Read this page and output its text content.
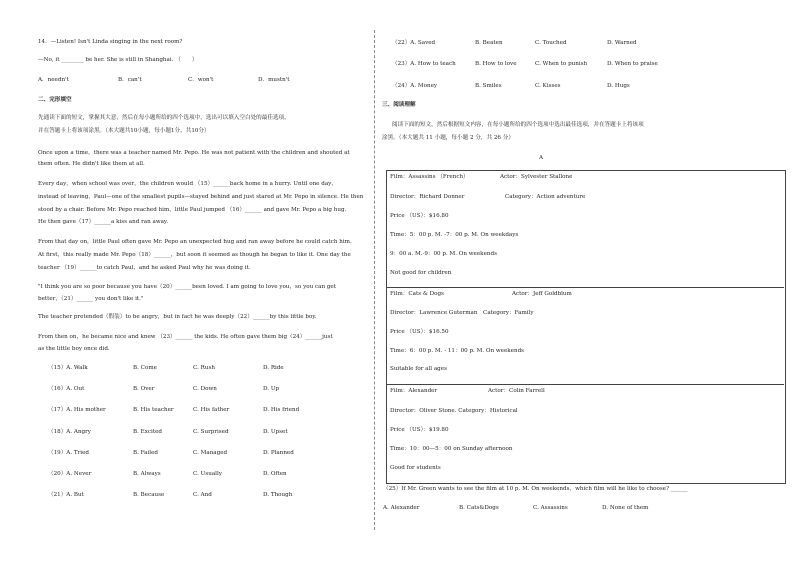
14．—Listen! Isn't Linda singing in the next room?
—No, it ________ be her. She is still in Shanghai. （　　）
A．needn't	B．can't	C．won't	D．mustn't
二、完形填空
先通读下面的短文，掌握其大意，然后在每小题所给的四个选项中，选出可以填入空白处的最佳选项，
并在答题卡上将该项涂黑。（本大题共10小题，每小题1分，共10分）
Once upon a time，there was a teacher named Mr. Pepo. He was not patient with the children and shouted at
them often. He didn't like them at all.
Every day，when school was over，the children would （15）______back home in a hurry. Until one day，
instead of leaving，Paul—one of the smallest pupils—stayed behind and just stared at Mr. Pepo in silence. He then
stood by a chair. Before Mr. Pepo reached him，little Paul jumped （16）______ and gave Mr. Pepo a big hug.
He then gave（17）______a kiss and ran away.
From that day on，little Paul often gave Mr. Pepo an unexpected hug and ran away before he could catch him.
At first，this really made Mr. Pepo（18）______，but soon it seemed as though he began to like it. One day the
teacher （19）______to catch Paul，and he asked Paul why he was doing it.
"I think you are so poor because you have（20）______been loved. I am going to love you，so you can get
better，（21）______ you don't like it."
The teacher pretended（假装）to be angry，but in fact he was deeply（22）______by this little boy.
From then on，he became nice and knew （23）______ the kids. He often gave them big（24）______just
as the little boy once did.
（15）A. Walk	B. Come	C. Rush	D. Ride
（16）A. Out	B. Over	C. Down	D. Up
（17）A. His mother	B. His teacher	C. His father	D. His friend
（18）A. Angry	B. Excited	C. Surprised	D. Upset
（19）A. Tried	B. Failed	C. Managed	D. Planned
（20）A. Never	B. Always	C. Usually	D. Often
（21）A. But	B. Because	C. And	D. Though
（22）A. Saved	B. Beaten	C. Touched	D. Warned
（23）A. How to teach	B. How to love	C. When to punish	D. When to praise
（24）A. Money	B. Smiles	C. Kisses	D. Hugs
三、阅读理解
阅读下面的短文，然后根据短文内容，在每小题所给的四个选项中选出最佳选项，并在答题卡上将该项
涂黑。（本大题共 11 小题，每小题 2 分，共 26 分）
A
Film：Assassins （French）	Actor：Sylvester Stallone
Director：Richard Donner	Category：Action adventure
Price （US）：$16.80
Time：5：00 p. M. -7：00 p. M. On weekdays
9：00 a. M.-9：00 p. M. On weekends
Not good for children
Film：Cats & Dogs	Actor：Jeff Goldblum
Director：Lawrence Guterman　Category：Family
Price （US）：$16.50
Time：6：00 p. M. - 11：00 p. M. On weekends
Suitable for all ages
Film：Alexander	Actor：Colin Farrell
Director：Oliver Stone. Category：Historical
Price （US）：$19.80
Time：10：00—5：00 on Sunday afternoon
Good for students
（25）If Mr. Green wants to see the film at 10 p. M. On weekends，which film will he like to choose? ______
A. Alexander	B. Cats&Dogs	C. Assassins	D. None of them
